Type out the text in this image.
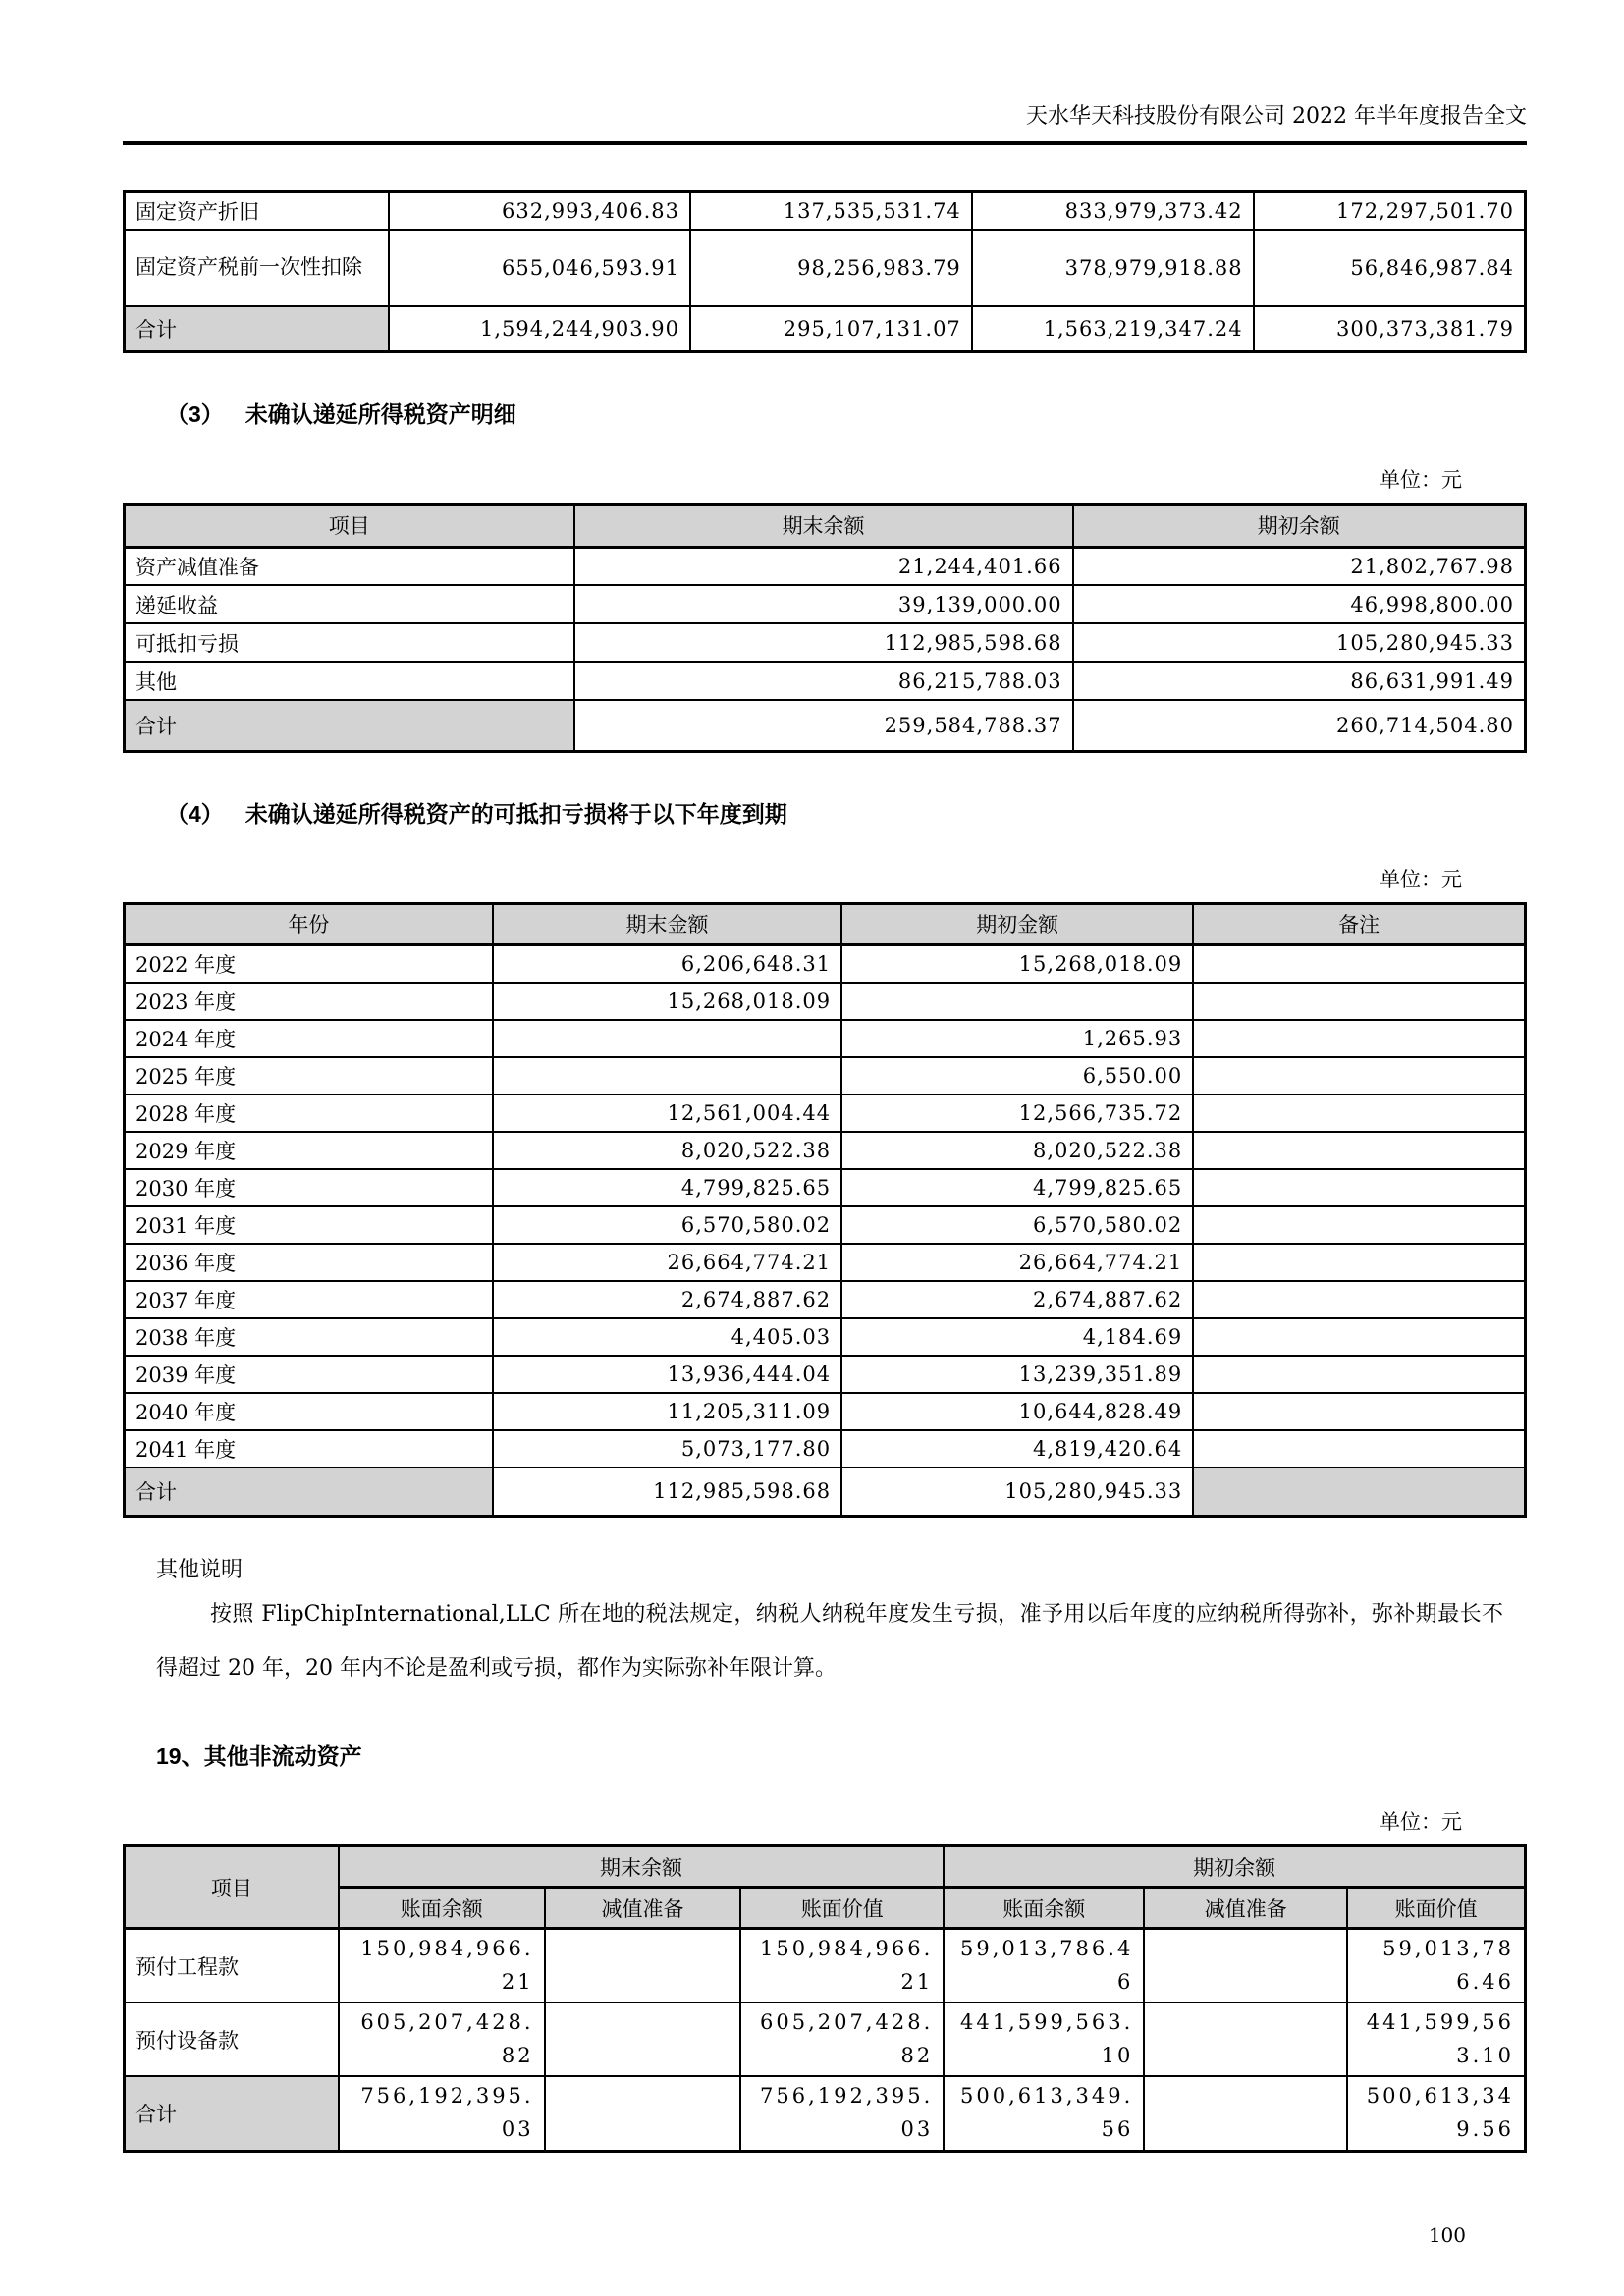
天水华天科技股份有限公司 2022 年半年度报告全文
固定资产折旧	632,993,406.83	137,535,531.74	833,979,373.42	172,297,501.70
固定资产税前一次性扣除	655,046,593.91	98,256,983.79	378,979,918.88	56,846,987.84
合计	1,594,244,903.90	295,107,131.07	1,563,219,347.24	300,373,381.79
（3） 未确认递延所得税资产明细
单位：元
项目	期末余额	期初余额
资产减值准备	21,244,401.66	21,802,767.98
递延收益	39,139,000.00	46,998,800.00
可抵扣亏损	112,985,598.68	105,280,945.33
其他	86,215,788.03	86,631,991.49
合计	259,584,788.37	260,714,504.80
（4） 未确认递延所得税资产的可抵扣亏损将于以下年度到期
单位：元
年份	期末金额	期初金额	备注
2022 年度	6,206,648.31	15,268,018.09	
2023 年度	15,268,018.09		
2024 年度		1,265.93	
2025 年度		6,550.00	
2028 年度	12,561,004.44	12,566,735.72	
2029 年度	8,020,522.38	8,020,522.38	
2030 年度	4,799,825.65	4,799,825.65	
2031 年度	6,570,580.02	6,570,580.02	
2036 年度	26,664,774.21	26,664,774.21	
2037 年度	2,674,887.62	2,674,887.62	
2038 年度	4,405.03	4,184.69	
2039 年度	13,936,444.04	13,239,351.89	
2040 年度	11,205,311.09	10,644,828.49	
2041 年度	5,073,177.80	4,819,420.64	
合计	112,985,598.68	105,280,945.33	
其他说明

按照 FlipChipInternational,LLC 所在地的税法规定，纳税人纳税年度发生亏损，准予用以后年度的应纳税所得弥补，弥补期最长不得超过 20 年，20 年内不论是盈利或亏损，都作为实际弥补年限计算。

19、其他非流动资产
单位：元
项目	期末余额			期初余额		
	账面余额	减值准备	账面价值	账面余额	减值准备	账面价值
预付工程款	150,984,966.21		150,984,966.21	59,013,786.46		59,013,786.46
预付设备款	605,207,428.82		605,207,428.82	441,599,563.10		441,599,563.10
合计	756,192,395.03		756,192,395.03	500,613,349.56		500,613,349.56
100
